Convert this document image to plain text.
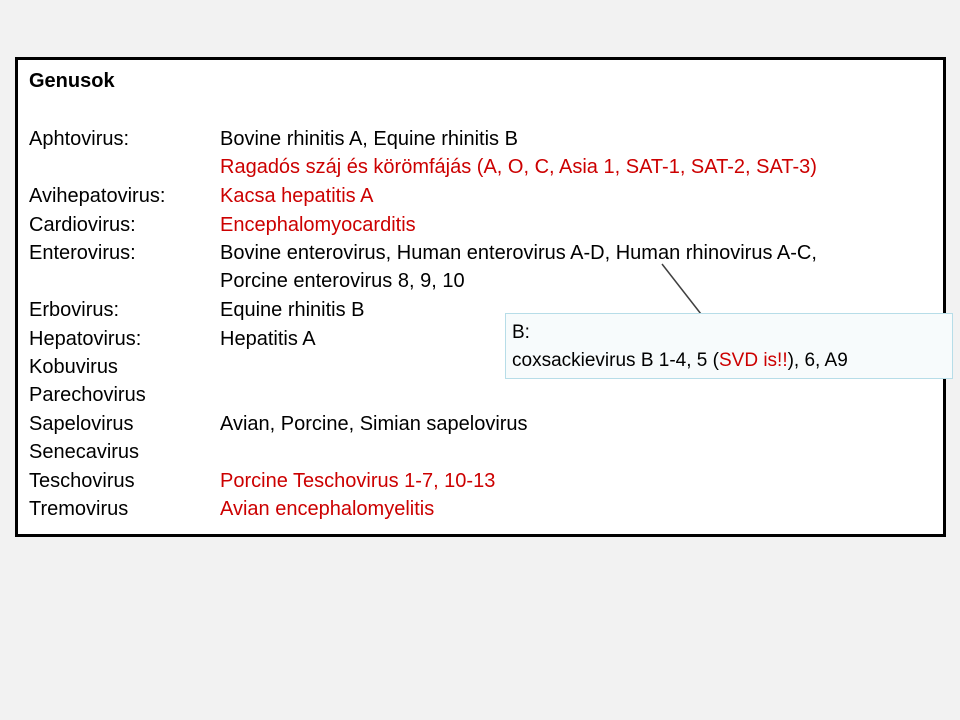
Genusok
Aphtovirus:	Bovine rhinitis A, Equine rhinitis B
Ragadós száj és körömfájás (A, O, C, Asia 1, SAT-1, SAT-2, SAT-3)
Avihepatovirus:	Kacsa hepatitis A
Cardiovirus:	Encephalomyocarditis
Enterovirus:	Bovine enterovirus, Human enterovirus A-D, Human rhinovirus A-C,
Porcine enterovirus 8, 9, 10
Erbovirus:	Equine rhinitis B
Hepatovirus:	Hepatitis A
Kobuvirus
Parechovirus
Sapelovirus	Avian, Porcine, Simian sapelovirus
Senecavirus
Teschovirus	Porcine Teschovirus 1-7, 10-13
Tremovirus	Avian encephalomyelitis
B:
coxsackievirus B 1-4, 5 (SVD is!!), 6, A9
